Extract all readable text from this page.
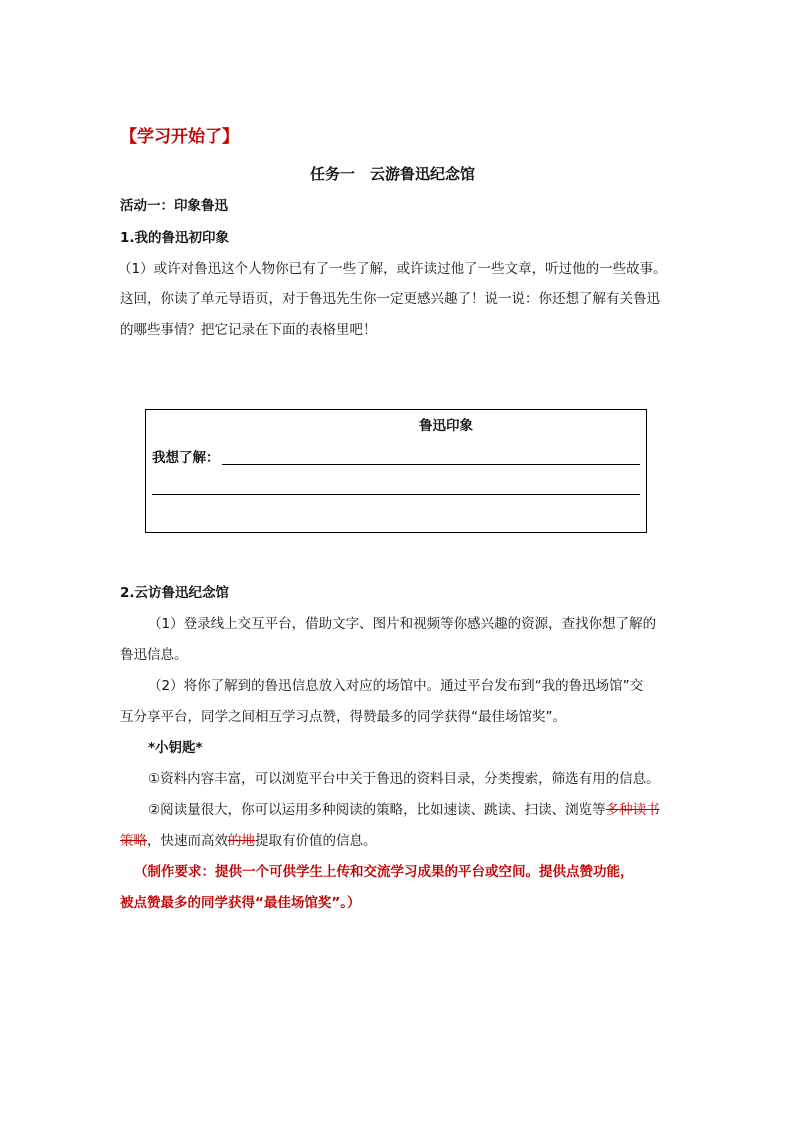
【学习开始了】
任务一　云游鲁迅纪念馆
活动一：印象鲁迅
1.我的鲁迅初印象
（1）或许对鲁迅这个人物你已有了一些了解，或许读过他了一些文章，听过他的一些故事。
这回，你读了单元导语页，对于鲁迅先生你一定更感兴趣了！说一说：你还想了解有关鲁迅
的哪些事情？把它记录在下面的表格里吧！
鲁迅印象
我想了解：
2.云访鲁迅纪念馆
（1）登录线上交互平台，借助文字、图片和视频等你感兴趣的资源，查找你想了解的
鲁迅信息。
（2）将你了解到的鲁迅信息放入对应的场馆中。通过平台发布到“我的鲁迅场馆”交
互分享平台，同学之间相互学习点赞，得赞最多的同学获得“最佳场馆奖”。
*小钥匙*
①资料内容丰富，可以浏览平台中关于鲁迅的资料目录，分类搜索，筛选有用的信息。
②阅读量很大，你可以运用多种阅读的策略，比如速读、跳读、扫读、浏览等多种读书
策略，快速而高效的地提取有价值的信息。
（制作要求：提供一个可供学生上传和交流学习成果的平台或空间。提供点赞功能，
被点赞最多的同学获得“最佳场馆奖”。）
